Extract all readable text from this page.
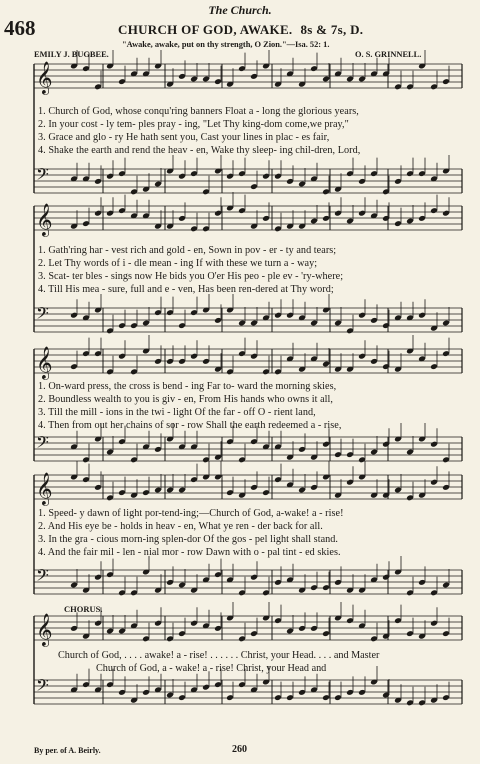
The Church.
468	CHURCH OF GOD, AWAKE. 8s & 7s, D.
"Awake, awake, put on thy strength, O Zion."—Isa. 52: 1.
EMILY J. BUGBEE.	O. S. GRINNELL.
𝄞
𝄢
𝄞
𝄢
𝄞
𝄢
𝄞
𝄢
𝄞
𝄢
1. Church of God, whose conqu'ring banners Float a - long the glorious years,
2. In your cost - ly tem- ples pray - ing, "Let Thy king-dom come,we pray,"
3. Grace and glo - ry He hath sent you, Cast your lines in plac - es fair,
4. Shake the earth and rend the heav - en, Wake thy sleep- ing chil-dren, Lord,
1. Gath'ring har - vest rich and gold - en, Sown in pov - er - ty and tears;
2. Let Thy words of i - dle mean - ing If with these we turn a - way;
3. Scat- ter bles - sings now He bids you O'er His peo - ple ev - 'ry-where;
4. Till His mea - sure, full and e - ven, Has been ren-dered at Thy word;
1. On-ward press, the cross is bend - ing Far to- ward the morning skies,
2. Boundless wealth to you is giv - en, From His hands who owns it all,
3. Till the mill - ions in the twi - light Of the far - off O - rient land,
4. Then from out her chains of sor - row Shall the earth redeemed a - rise,
1. Speed- y dawn of light por-tend-ing;—Church of God, a-wake! a - rise!
2. And His eye be - holds in heav - en, What ye ren - der back for all.
3. In the gra - cious morn-ing splen-dor Of the gos - pel light shall stand.
4. And the fair mil - len - nial mor - row Dawn with o - pal tint - ed skies.
CHORUS.
Church of God, . . . . awake! a - rise! . . . . . . Christ, your Head. . . . and Master
Church of God, a - wake! a - rise! Christ, your Head and
By per. of A. Beirly.	260
